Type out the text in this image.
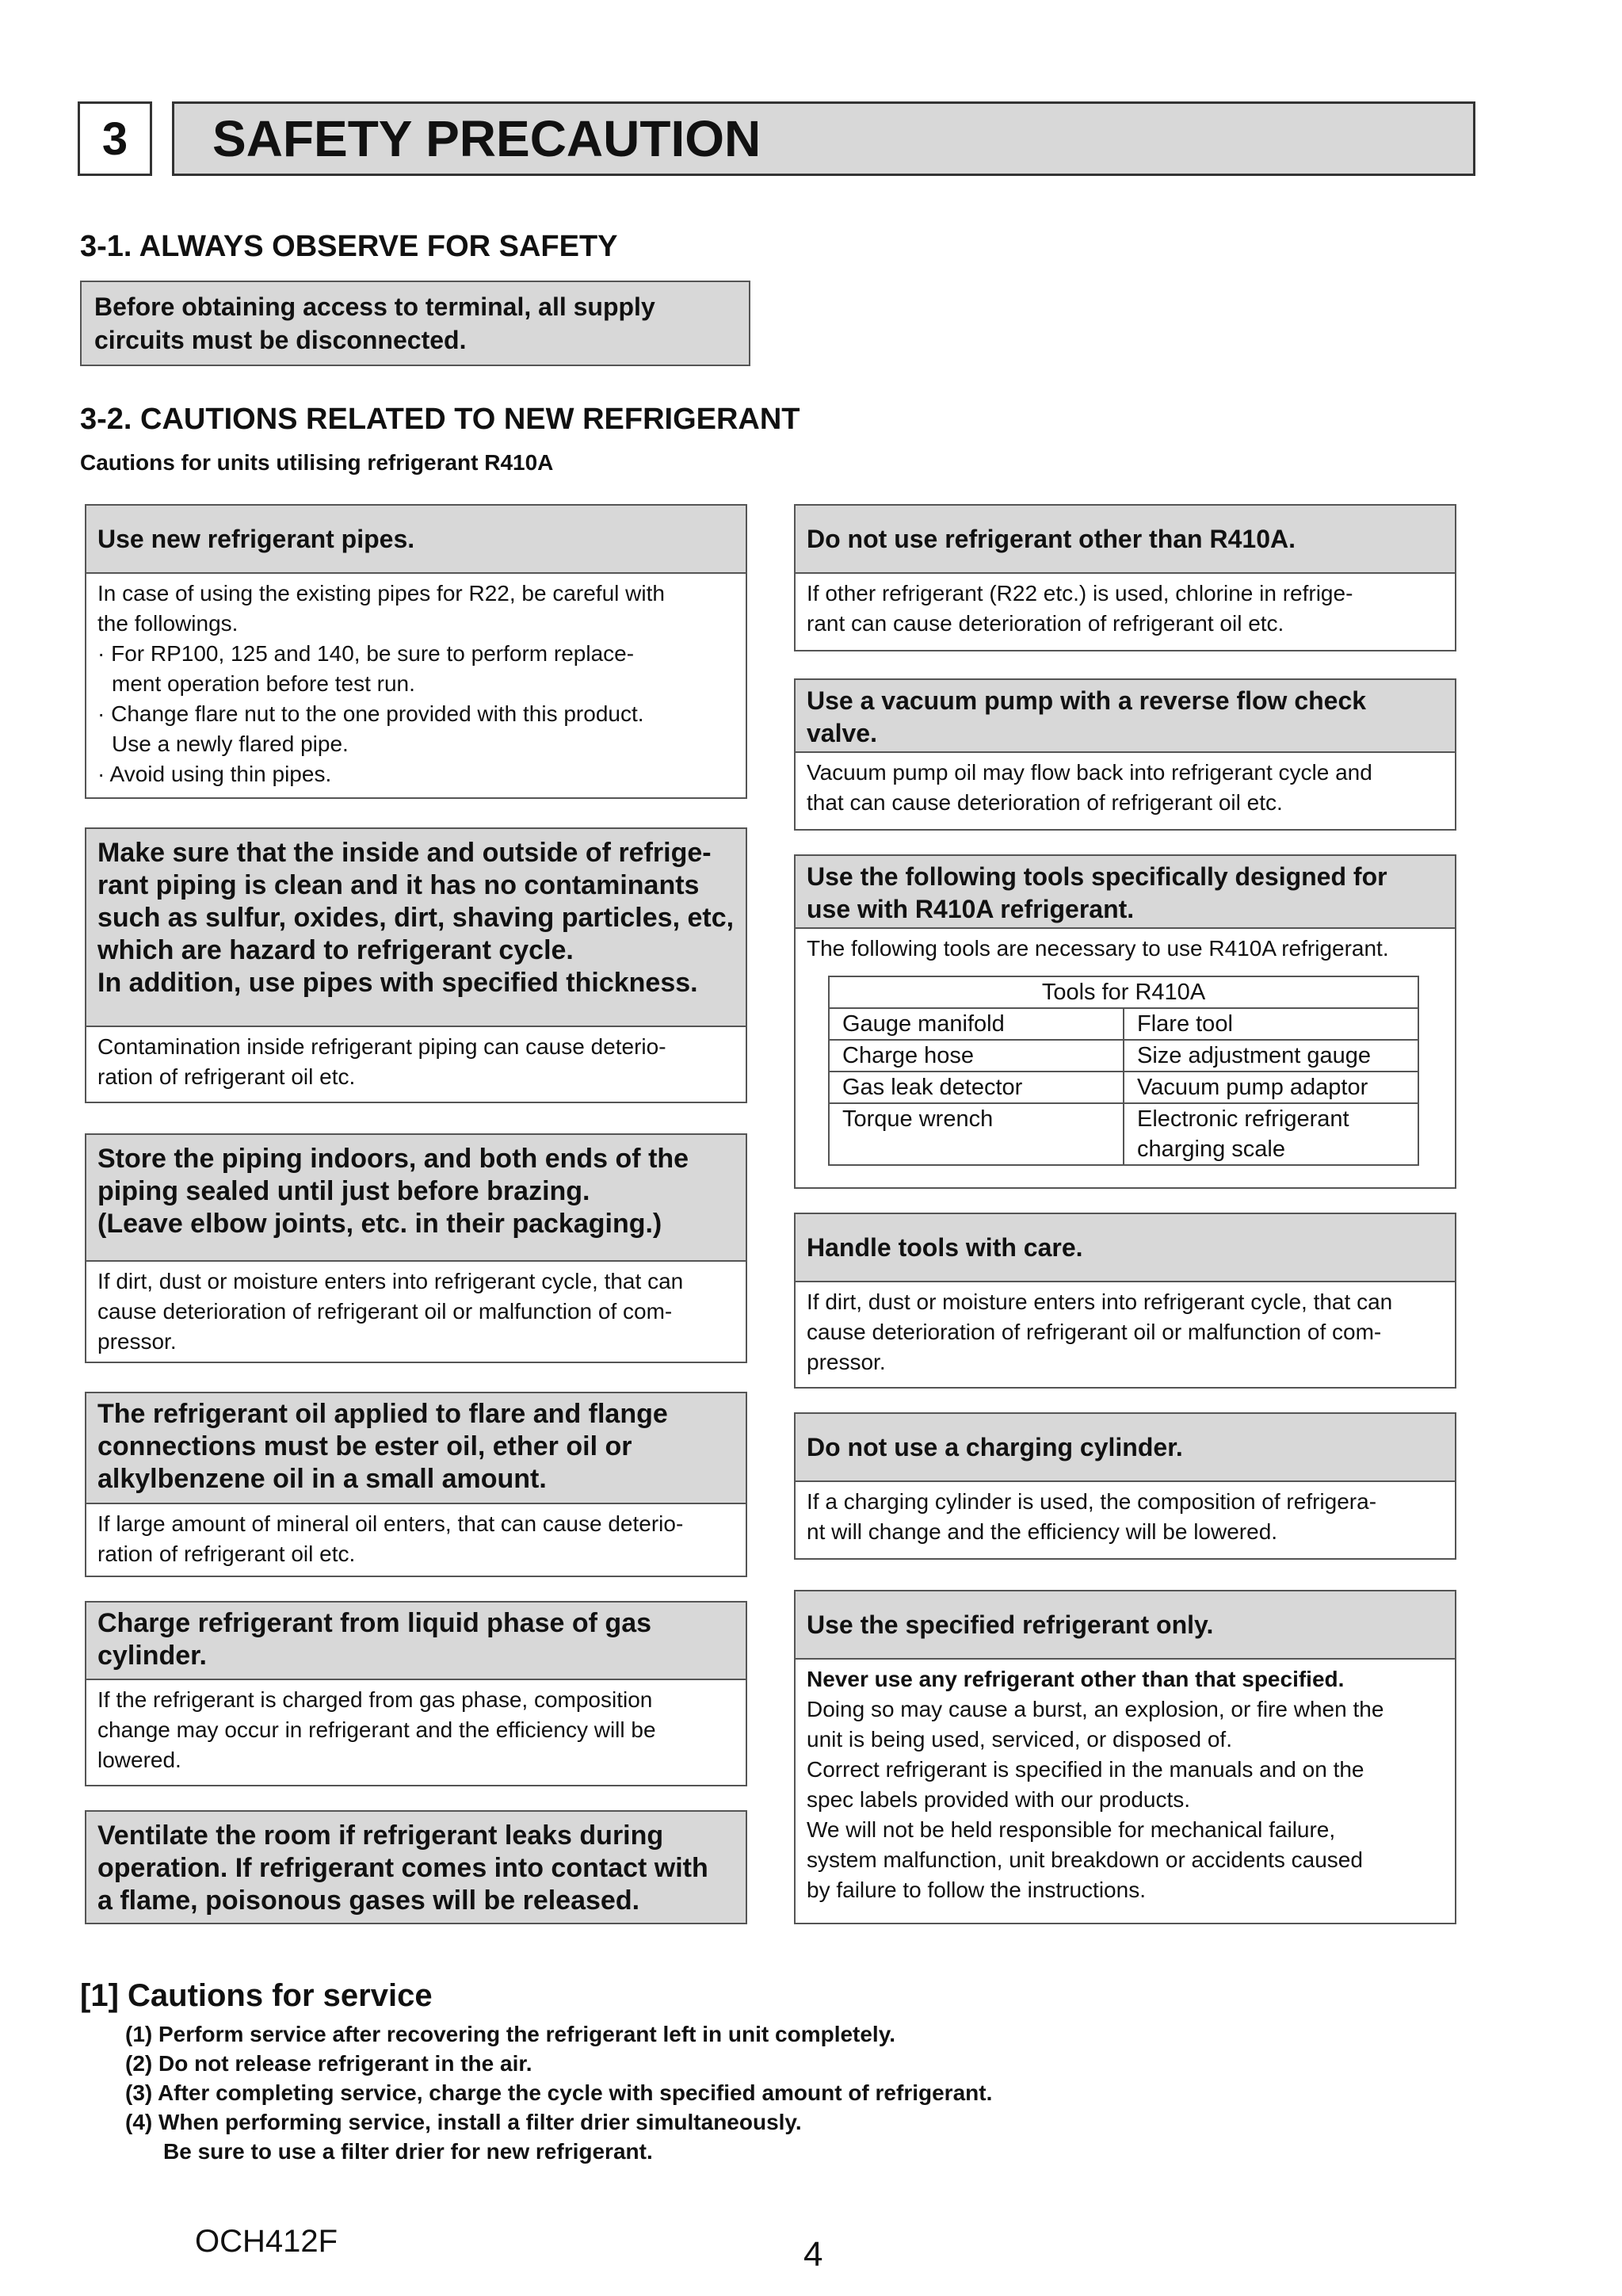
3	SAFETY PRECAUTION
3-1. ALWAYS OBSERVE FOR SAFETY
Before obtaining access to terminal, all supply
circuits must be disconnected.
3-2. CAUTIONS RELATED TO NEW REFRIGERANT
Cautions for units utilising refrigerant R410A
Use new refrigerant pipes.
In case of using the existing pipes for R22, be careful with
the followings.
· For RP100, 125 and 140, be sure to perform replace-
ment operation before test run.
· Change flare nut to the one provided with this product.
Use a newly flared pipe.
· Avoid using thin pipes.
Make sure that the inside and outside of refrige-
rant piping is clean and it has no contaminants
such as sulfur, oxides, dirt, shaving particles, etc,
which are hazard to refrigerant cycle.
In addition, use pipes with specified thickness.
Contamination inside refrigerant piping can cause deterio-
ration of refrigerant oil etc.
Store the piping indoors, and both ends of the
piping sealed until just before brazing.
(Leave elbow joints, etc. in their packaging.)
If dirt, dust or moisture enters into refrigerant cycle, that can
cause deterioration of refrigerant oil or malfunction of com-
pressor.
The refrigerant oil applied to flare and flange
connections must be ester oil, ether oil or
alkylbenzene oil in a small amount.
If large amount of mineral oil enters, that can cause deterio-
ration of refrigerant oil etc.
Charge refrigerant from liquid phase of gas
cylinder.
If the refrigerant is charged from gas phase, composition
change may occur in refrigerant and the efficiency will be
lowered.
Ventilate the room if refrigerant leaks during
operation. If refrigerant comes into contact with
a flame, poisonous gases will be released.
Do not use refrigerant other than R410A.
If other refrigerant (R22 etc.) is used, chlorine in refrige-
rant can cause deterioration of refrigerant oil etc.
Use a vacuum pump with a reverse flow check
valve.
Vacuum pump oil may flow back into refrigerant cycle and
that can cause deterioration of refrigerant oil etc.
Use the following tools specifically designed for
use with R410A refrigerant.
The following tools are necessary to use R410A refrigerant.
Tools for R410A	
Gauge manifold	Flare tool
Charge hose	Size adjustment gauge
Gas leak detector	Vacuum pump adaptor
Torque wrench	Electronic refrigerant
	charging scale
Handle tools with care.
If dirt, dust or moisture enters into refrigerant cycle, that can
cause deterioration of refrigerant oil or malfunction of com-
pressor.
Do not use a charging cylinder.
If a charging cylinder is used, the composition of refrigera-
nt will change and the efficiency will be lowered.
Use the specified refrigerant only.
Never use any refrigerant other than that specified.
Doing so may cause a burst, an explosion, or fire when the
unit is being used, serviced, or disposed of.
Correct refrigerant is specified in the manuals and on the
spec labels provided with our products.
We will not be held responsible for mechanical failure,
system malfunction, unit breakdown or accidents caused
by failure to follow the instructions.
[1] Cautions for service
(1) Perform service after recovering the refrigerant left in unit completely.
(2) Do not release refrigerant in the air.
(3) After completing service, charge the cycle with specified amount of refrigerant.
(4) When performing service, install a filter drier simultaneously.
Be sure to use a filter drier for new refrigerant.
OCH412F	4
